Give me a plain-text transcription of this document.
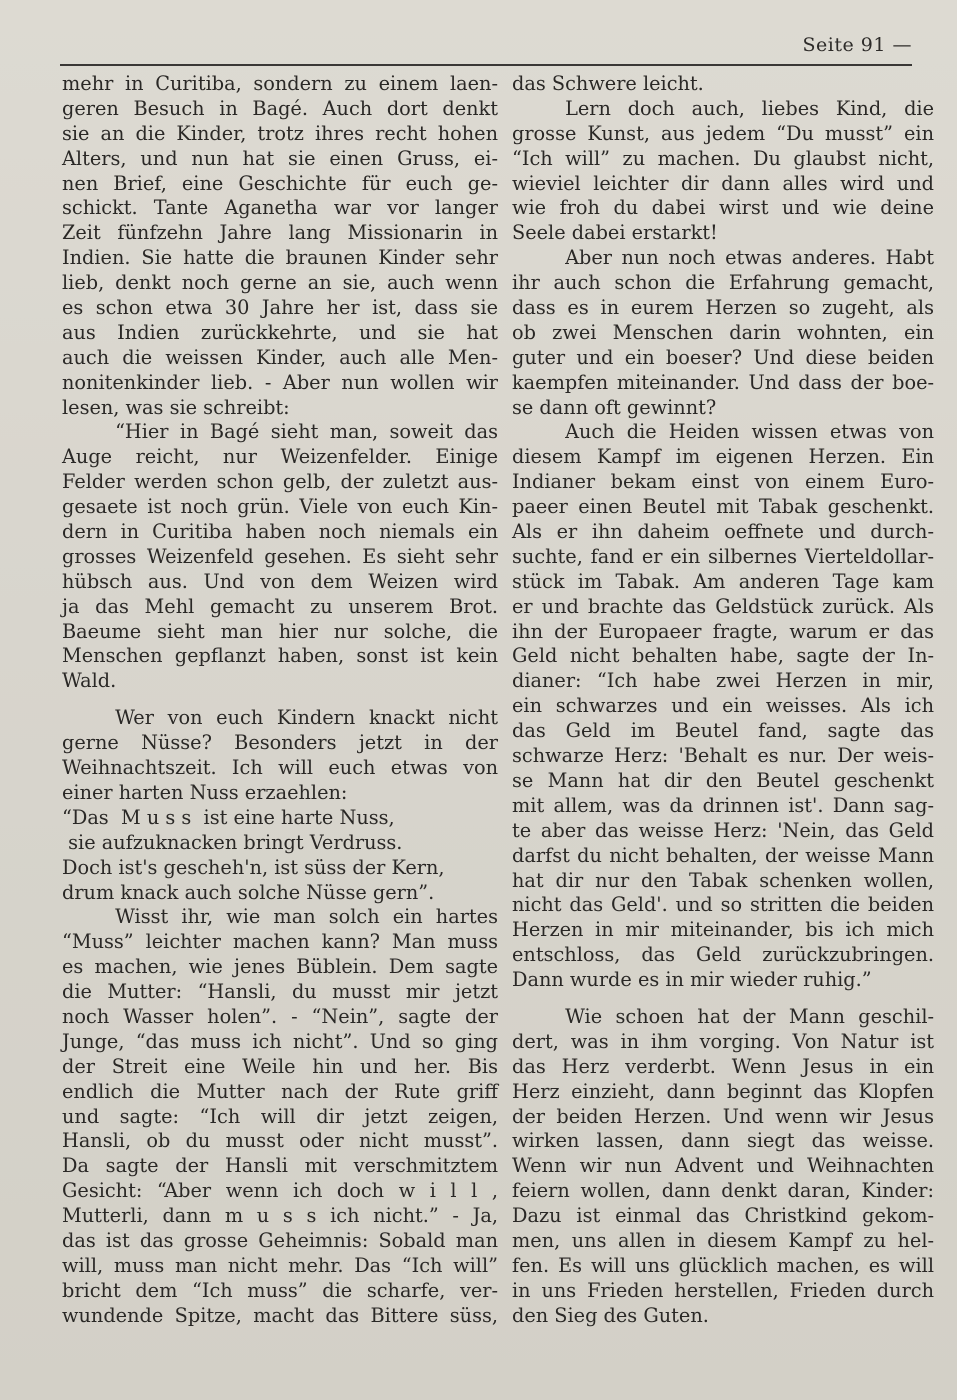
Seite 91 —
mehr in Curitiba, sondern zu einem laen-
geren Besuch in Bagé. Auch dort denkt
sie an die Kinder, trotz ihres recht hohen
Alters, und nun hat sie einen Gruss, ei-
nen Brief, eine Geschichte für euch ge-
schickt. Tante Aganetha war vor langer
Zeit fünfzehn Jahre lang Missionarin in
Indien. Sie hatte die braunen Kinder sehr
lieb, denkt noch gerne an sie, auch wenn
es schon etwa 30 Jahre her ist, dass sie
aus Indien zurückkehrte, und sie hat
auch die weissen Kinder, auch alle Men-
nonitenkinder lieb. - Aber nun wollen wir
lesen, was sie schreibt:
“Hier in Bagé sieht man, soweit das
Auge reicht, nur Weizenfelder. Einige
Felder werden schon gelb, der zuletzt aus-
gesaete ist noch grün. Viele von euch Kin-
dern in Curitiba haben noch niemals ein
grosses Weizenfeld gesehen. Es sieht sehr
hübsch aus. Und von dem Weizen wird
ja das Mehl gemacht zu unserem Brot.
Baeume sieht man hier nur solche, die
Menschen gepflanzt haben, sonst ist kein
Wald.
Wer von euch Kindern knackt nicht
gerne Nüsse? Besonders jetzt in der
Weihnachtszeit. Ich will euch etwas von
einer harten Nuss erzaehlen:
“Das  M u s s  ist eine harte Nuss,
sie aufzuknacken bringt Verdruss.
Doch ist's gescheh'n, ist süss der Kern,
drum knack auch solche Nüsse gern”.
Wisst ihr, wie man solch ein hartes
“Muss” leichter machen kann? Man muss
es machen, wie jenes Büblein. Dem sagte
die Mutter: “Hansli, du musst mir jetzt
noch Wasser holen”. - “Nein”, sagte der
Junge, “das muss ich nicht”. Und so ging
der Streit eine Weile hin und her. Bis
endlich die Mutter nach der Rute griff
und sagte: “Ich will dir jetzt zeigen,
Hansli, ob du musst oder nicht musst”.
Da sagte der Hansli mit verschmitztem
Gesicht: “Aber wenn ich doch w i l l ,
Mutterli, dann m u s s ich nicht.” - Ja,
das ist das grosse Geheimnis: Sobald man
will, muss man nicht mehr. Das “Ich will”
bricht dem “Ich muss” die scharfe, ver-
wundende Spitze, macht das Bittere süss,
das Schwere leicht.
Lern doch auch, liebes Kind, die
grosse Kunst, aus jedem “Du musst” ein
“Ich will” zu machen. Du glaubst nicht,
wieviel leichter dir dann alles wird und
wie froh du dabei wirst und wie deine
Seele dabei erstarkt!
Aber nun noch etwas anderes. Habt
ihr auch schon die Erfahrung gemacht,
dass es in eurem Herzen so zugeht, als
ob zwei Menschen darin wohnten, ein
guter und ein boeser? Und diese beiden
kaempfen miteinander. Und dass der boe-
se dann oft gewinnt?
Auch die Heiden wissen etwas von
diesem Kampf im eigenen Herzen. Ein
Indianer bekam einst von einem Euro-
paeer einen Beutel mit Tabak geschenkt.
Als er ihn daheim oeffnete und durch-
suchte, fand er ein silbernes Vierteldollar-
stück im Tabak. Am anderen Tage kam
er und brachte das Geldstück zurück. Als
ihn der Europaeer fragte, warum er das
Geld nicht behalten habe, sagte der In-
dianer: “Ich habe zwei Herzen in mir,
ein schwarzes und ein weisses. Als ich
das Geld im Beutel fand, sagte das
schwarze Herz: 'Behalt es nur. Der weis-
se Mann hat dir den Beutel geschenkt
mit allem, was da drinnen ist'. Dann sag-
te aber das weisse Herz: 'Nein, das Geld
darfst du nicht behalten, der weisse Mann
hat dir nur den Tabak schenken wollen,
nicht das Geld'. und so stritten die beiden
Herzen in mir miteinander, bis ich mich
entschloss, das Geld zurückzubringen.
Dann wurde es in mir wieder ruhig.”
Wie schoen hat der Mann geschil-
dert, was in ihm vorging. Von Natur ist
das Herz verderbt. Wenn Jesus in ein
Herz einzieht, dann beginnt das Klopfen
der beiden Herzen. Und wenn wir Jesus
wirken lassen, dann siegt das weisse.
Wenn wir nun Advent und Weihnachten
feiern wollen, dann denkt daran, Kinder:
Dazu ist einmal das Christkind gekom-
men, uns allen in diesem Kampf zu hel-
fen. Es will uns glücklich machen, es will
in uns Frieden herstellen, Frieden durch
den Sieg des Guten.
